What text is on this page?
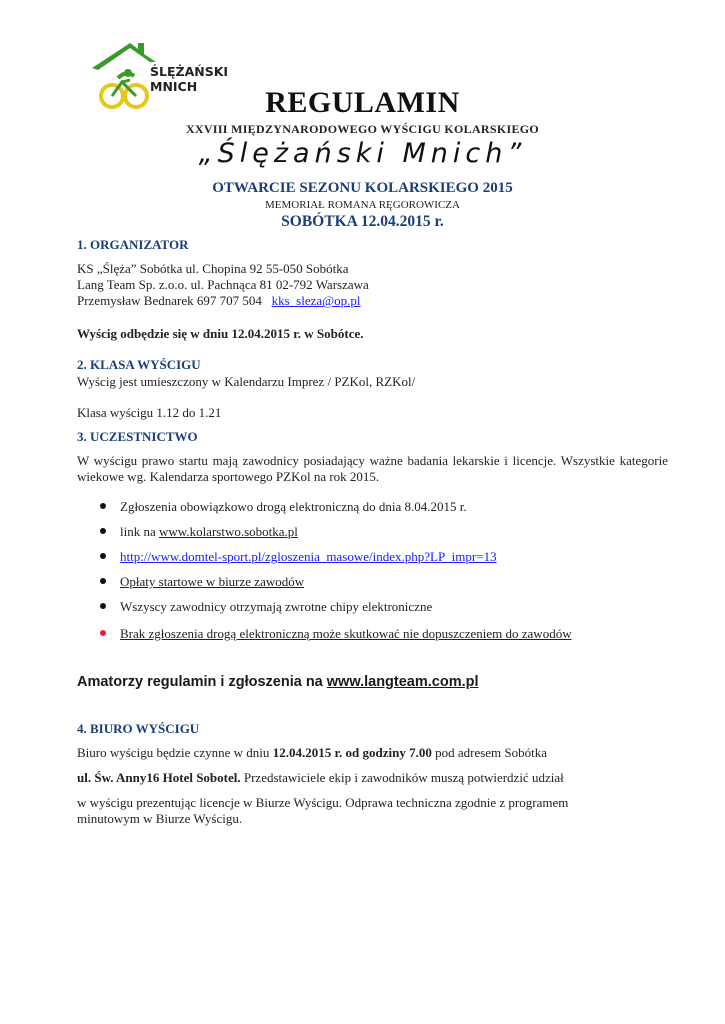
ŚLĘŻAŃSKI
MNICH	REGULAMIN
XXVIII MIĘDZYNARODOWEGO WYŚCIGU KOLARSKIEGO
„Ślężański Mnich”
OTWARCIE SEZONU KOLARSKIEGO 2015
MEMORIAŁ ROMANA RĘGOROWICZA
SOBÓTKA 12.04.2015 r.
1. ORGANIZATOR
KS „Ślęża” Sobótka ul. Chopina 92 55-050 Sobótka
Lang Team Sp. z.o.o. ul. Pachnąca 81 02-792 Warszawa
Przemysław Bednarek 697 707 504 kks_sleza@op.pl
Wyścig odbędzie się w dniu 12.04.2015 r. w Sobótce.
2. KLASA WYŚCIGU
Wyścig jest umieszczony w Kalendarzu Imprez / PZKol, RZKol/
Klasa wyścigu 1.12 do 1.21
3. UCZESTNICTWO
W wyścigu prawo startu mają zawodnicy posiadający ważne badania lekarskie i licencje. Wszystkie kategorie wiekowe wg. Kalendarza sportowego PZKol na rok 2015.
Zgłoszenia obowiązkowo drogą elektroniczną do dnia 8.04.2015 r.
link na www.kolarstwo.sobotka.pl
http://www.domtel-sport.pl/zgloszenia_masowe/index.php?LP_impr=13
Opłaty startowe w biurze zawodów
Wszyscy zawodnicy otrzymają zwrotne chipy elektroniczne
Brak zgłoszenia drogą elektroniczną może skutkować nie dopuszczeniem do zawodów
Amatorzy regulamin i zgłoszenia na www.langteam.com.pl
4. BIURO WYŚCIGU
Biuro wyścigu będzie czynne w dniu 12.04.2015 r. od godziny 7.00 pod adresem Sobótka
ul. Św. Anny16 Hotel Sobotel. Przedstawiciele ekip i zawodników muszą potwierdzić udział
w wyścigu prezentując licencje w Biurze Wyścigu. Odprawa techniczna zgodnie z programem
minutowym w Biurze Wyścigu.
